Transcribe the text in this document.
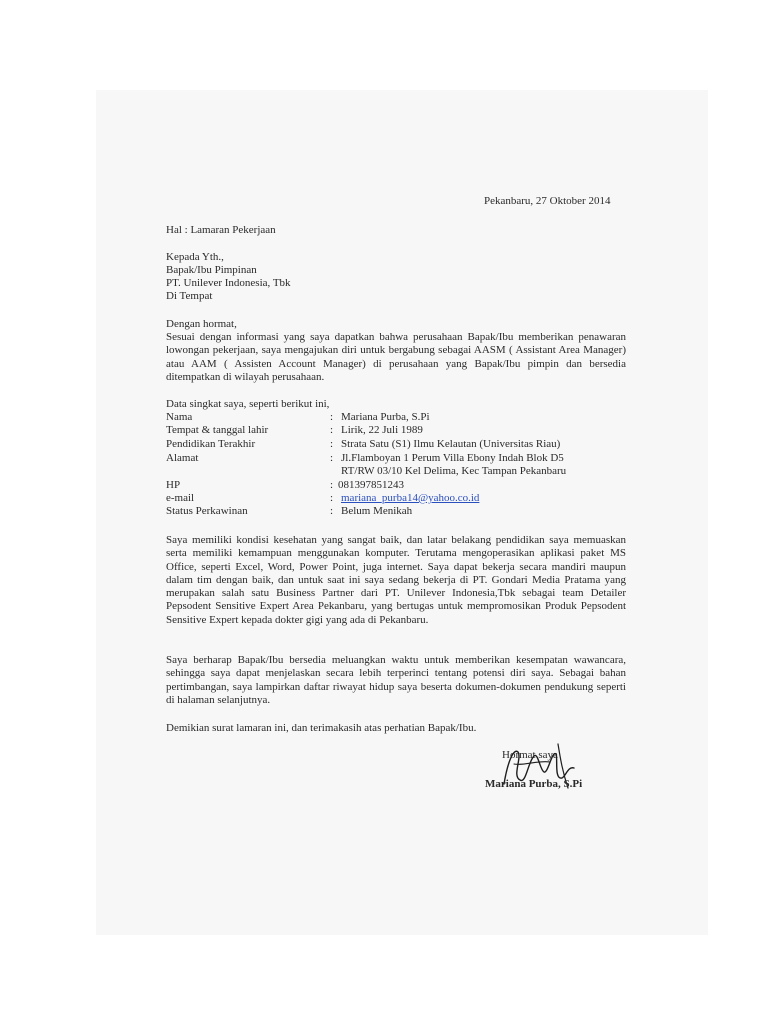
Pekanbaru, 27 Oktober 2014
Hal : Lamaran Pekerjaan
Kepada Yth.,
Bapak/Ibu Pimpinan
PT. Unilever Indonesia, Tbk
Di Tempat
Dengan hormat,
Sesuai dengan informasi yang saya dapatkan bahwa perusahaan Bapak/Ibu memberikan penawaran lowongan pekerjaan, saya mengajukan diri untuk bergabung sebagai AASM ( Assistant Area Manager) atau AAM ( Assisten Account Manager) di perusahaan yang Bapak/Ibu pimpin dan bersedia ditempatkan di wilayah perusahaan.
Data singkat saya, seperti berikut ini,
Nama	: Mariana Purba, S.Pi
Tempat & tanggal lahir	: Lirik, 22 Juli 1989
Pendidikan Terakhir	: Strata Satu (S1) Ilmu Kelautan (Universitas Riau)
Alamat	: Jl.Flamboyan 1 Perum Villa Ebony Indah Blok D5
RT/RW 03/10 Kel Delima, Kec Tampan Pekanbaru
HP	: 081397851243
e-mail	: mariana_purba14@yahoo.co.id
Status Perkawinan	: Belum Menikah
Saya memiliki kondisi kesehatan yang sangat baik, dan latar belakang pendidikan saya memuaskan serta memiliki kemampuan menggunakan komputer. Terutama mengoperasikan aplikasi paket MS Office, seperti Excel, Word, Power Point, juga internet. Saya dapat bekerja secara mandiri maupun dalam tim dengan baik, dan untuk saat ini saya sedang bekerja di PT. Gondari Media Pratama yang merupakan salah satu Business Partner dari PT. Unilever Indonesia,Tbk sebagai team Detailer Pepsodent Sensitive Expert Area Pekanbaru, yang bertugas untuk mempromosikan Produk Pepsodent Sensitive Expert kepada dokter gigi yang ada di Pekanbaru.
Saya berharap Bapak/Ibu bersedia meluangkan waktu untuk memberikan kesempatan wawancara, sehingga saya dapat menjelaskan secara lebih terperinci tentang potensi diri saya. Sebagai bahan pertimbangan, saya lampirkan daftar riwayat hidup saya beserta dokumen-dokumen pendukung seperti di halaman selanjutnya.
Demikian surat lamaran ini, dan terimakasih atas perhatian Bapak/Ibu.
Hormat saya
Mariana Purba, S.Pi
